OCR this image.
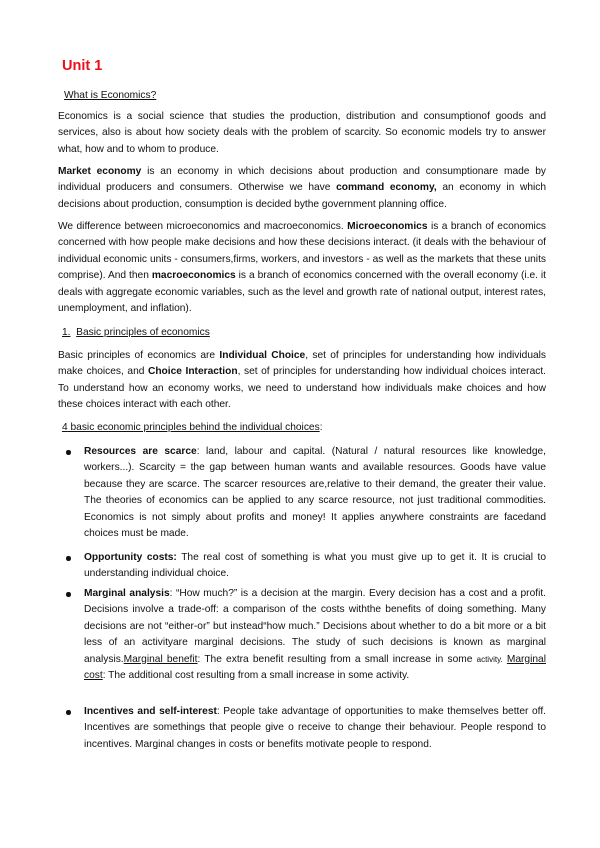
Unit 1
What is Economics?
Economics is a social science that studies the production, distribution and consumptionof goods and services, also is about how society deals with the problem of scarcity. So economic models try to answer what, how and to whom to produce.
Market economy is an economy in which decisions about production and consumptionare made by individual producers and consumers. Otherwise we have command economy, an economy in which decisions about production, consumption is decided bythe government planning office.
We difference between microeconomics and macroeconomics. Microeconomics is a branch of economics concerned with how people make decisions and how these decisions interact. (it deals with the behaviour of individual economic units - consumers,firms, workers, and investors - as well as the markets that these units comprise). And then macroeconomics is a branch of economics concerned with the overall economy (i.e. it deals with aggregate economic variables, such as the level and growth rate of national output, interest rates, unemployment, and inflation).
1. Basic principles of economics
Basic principles of economics are Individual Choice, set of principles for understanding how individuals make choices, and Choice Interaction, set of principles for understanding how individual choices interact. To understand how an economy works, we need to understand how individuals make choices and how these choices interact with each other.
4 basic economic principles behind the individual choices:
Resources are scarce: land, labour and capital. (Natural / natural resources like knowledge, workers...). Scarcity = the gap between human wants and available resources. Goods have value because they are scarce. The scarcer resources are,relative to their demand, the greater their value. The theories of economics can be applied to any scarce resource, not just traditional commodities. Economics is not simply about profits and money! It applies anywhere constraints are facedand choices must be made.
Opportunity costs: The real cost of something is what you must give up to get it. It is crucial to understanding individual choice.
Marginal analysis: “How much?” is a decision at the margin. Every decision has a cost and a profit. Decisions involve a trade-off: a comparison of the costs withthe benefits of doing something. Many decisions are not “either-or” but instead“how much.” Decisions about whether to do a bit more or a bit less of an activityare marginal decisions. The study of such decisions is known as marginal analysis.Marginal benefit: The extra benefit resulting from a small increase in some activity. Marginal cost: The additional cost resulting from a small increase in some activity.
Incentives and self-interest: People take advantage of opportunities to make themselves better off. Incentives are somethings that people give o receive to change their behaviour. People respond to incentives. Marginal changes in costs or benefits motivate people to respond.
